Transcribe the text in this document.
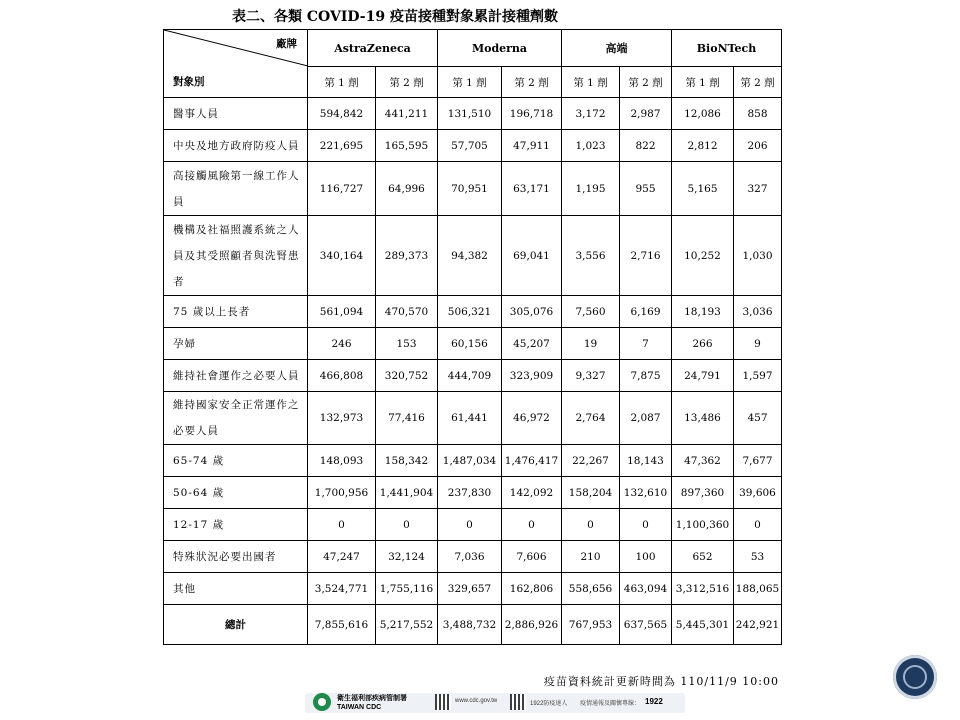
表二、各類 COVID-19 疫苗接種對象累計接種劑數
廠牌
對象別	AstraZeneca		Moderna		高端		BioNTech	
	第 1 劑	第 2 劑	第 1 劑	第 2 劑	第 1 劑	第 2 劑	第 1 劑	第 2 劑
醫事人員	594,842	441,211	131,510	196,718	3,172	2,987	12,086	858
中央及地方政府防疫人員	221,695	165,595	57,705	47,911	1,023	822	2,812	206
高接觸風險第一線工作人員	116,727	64,996	70,951	63,171	1,195	955	5,165	327
機構及社福照護系統之人員及其受照顧者與洗腎患者	340,164	289,373	94,382	69,041	3,556	2,716	10,252	1,030
75 歲以上長者	561,094	470,570	506,321	305,076	7,560	6,169	18,193	3,036
孕婦	246	153	60,156	45,207	19	7	266	9
維持社會運作之必要人員	466,808	320,752	444,709	323,909	9,327	7,875	24,791	1,597
維持國家安全正常運作之必要人員	132,973	77,416	61,441	46,972	2,764	2,087	13,486	457
65-74 歲	148,093	158,342	1,487,034	1,476,417	22,267	18,143	47,362	7,677
50-64 歲	1,700,956	1,441,904	237,830	142,092	158,204	132,610	897,360	39,606
12-17 歲	0	0	0	0	0	0	1,100,360	0
特殊狀況必要出國者	47,247	32,124	7,036	7,606	210	100	652	53
其他	3,524,771	1,755,116	329,657	162,806	558,656	463,094	3,312,516	188,065
總計	7,855,616	5,217,552	3,488,732	2,886,926	767,953	637,565	5,445,301	242,921
疫苗資料統計更新時間為 110/11/9 10:00
衛生福利部疾病管制署
TAIWAN CDC
www.cdc.gov.tw	1922防疫達人 疫情通報及關懷專線： 1922
